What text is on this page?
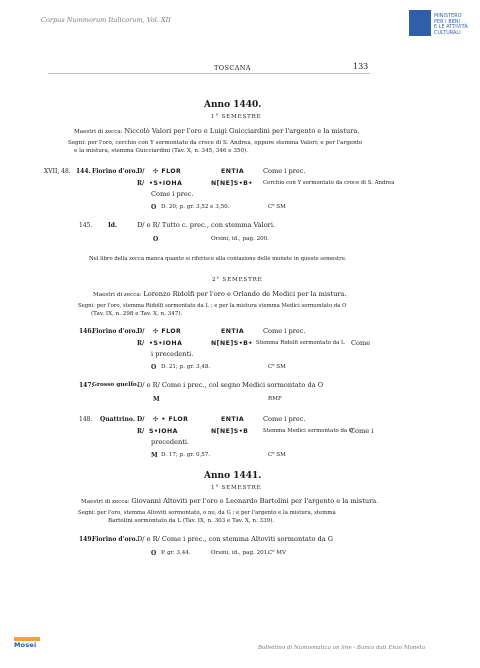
Corpus Nummorum Italicorum, Vol. XII	MINISTERO
PER I BENI
E LE ATTIVITÀ
CULTURALI
TOSCANA	133
Anno 1440.
1° SEMESTRE
Maestri di zecca: Niccolò Valori per l'oro e Luigi Guicciardini per l'argento e la mistura.
Segni: per l'oro, cerchio con Y sormontato da croce di S. Andrea, oppure stemma Valori; e per l'argento
e la mistura, stemma Guicciardini (Tav. X, n. 345, 346 e 350).
XVII, 48. 144. Fiorino d'oro. D/ ✣ FLOR	ENTIA	Come i prec.
R/ •S•IOHA	N[NE]S•B• Cerchio con Y sormontato da croce di S. Andrea
Come i prec.
O D. 20; p. gr. 3,52 e 3,50.	C⁸ SM
145.	Id.	D/ e R/ Tutto c. prec., con stemma Valori.
O	Orsini, id., pag. 200.
Nel libro della zecca manca quanto si riferisce alla coniazione delle monete in questo semestre.
2° SEMESTRE
Maestri di zecca: Lorenzo Ridolfi per l'oro e Orlando de Medici per la mistura.
Segni: per l'oro, stemma Ridolfi sormontato da L ; e per la mistura stemma Medici sormontato da O
(Tav. IX, n. 298 e Tav. X, n. 347).
146.
Fiorino d'oro. D/ ✣ FLOR	ENTIA	Come i prec.
R/ •S•IOHA	N[NE]S•B• Stemma Ridolfi sormontato da L Come
i precedenti.
O D. 21; p. gr. 3,48.	C⁸ SM
147.
Grosso guelfo.
D/ e R/ Come i prec., col segno Medici sormontato da O
M	RMF
148. Quattrino. D/ ✣ • FLOR	ENTIA	Come i prec.
R/ S•IOHA	N[NE]S•B	Stemma Medici sormontato da O
Come i
precedenti.
M D. 17; p. gr. 0,57.	C⁸ SM
Anno 1441.
1° SEMESTRE
Maestri di zecca: Giovanni Altoviti per l'oro e Leonardo Bartolini per l'argento e la mistura.
Segni: per l'oro, stemma Altoviti sormontato, o no, da G ; e per l'argento e la mistura, stemma
Bartolini sormontato da L (Tav. IX, n. 303 e Tav. X, n. 339).
149.
Fiorino d'oro. D/ e R/ Come i prec., con stemma Altoviti sormontato da G
O P. gr. 3,44.	Orsini, id., pag. 201.
C⁸ MV
Mosei	Bollettino di Numismatica on line - Banca dati Enzo Moneta
